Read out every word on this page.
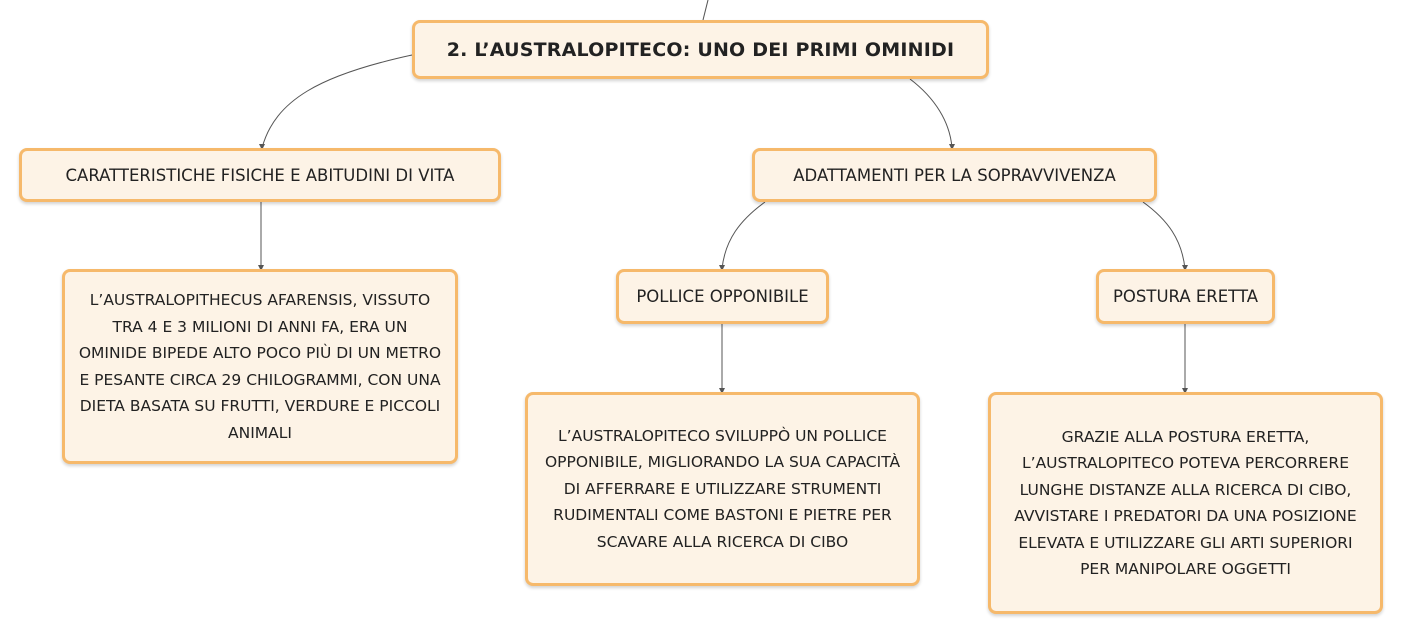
2. L’AUSTRALOPITECO: UNO DEI PRIMI OMINIDI
CARATTERISTICHE FISICHE E ABITUDINI DI VITA	ADATTAMENTI PER LA SOPRAVVIVENZA
L’AUSTRALOPITHECUS AFARENSIS, VISSUTO TRA 4 E 3 MILIONI DI ANNI FA, ERA UN OMINIDE BIPEDE ALTO POCO PIÙ DI UN METRO E PESANTE CIRCA 29 CHILOGRAMMI, CON UNA DIETA BASATA SU FRUTTI, VERDURE E PICCOLI ANIMALI
POLLICE OPPONIBILE	POSTURA ERETTA
L’AUSTRALOPITECO SVILUPPÒ UN POLLICE OPPONIBILE, MIGLIORANDO LA SUA CAPACITÀ DI AFFERRARE E UTILIZZARE STRUMENTI RUDIMENTALI COME BASTONI E PIETRE PER SCAVARE ALLA RICERCA DI CIBO
GRAZIE ALLA POSTURA ERETTA, L’AUSTRALOPITECO POTEVA PERCORRERE LUNGHE DISTANZE ALLA RICERCA DI CIBO, AVVISTARE I PREDATORI DA UNA POSIZIONE ELEVATA E UTILIZZARE GLI ARTI SUPERIORI PER MANIPOLARE OGGETTI
